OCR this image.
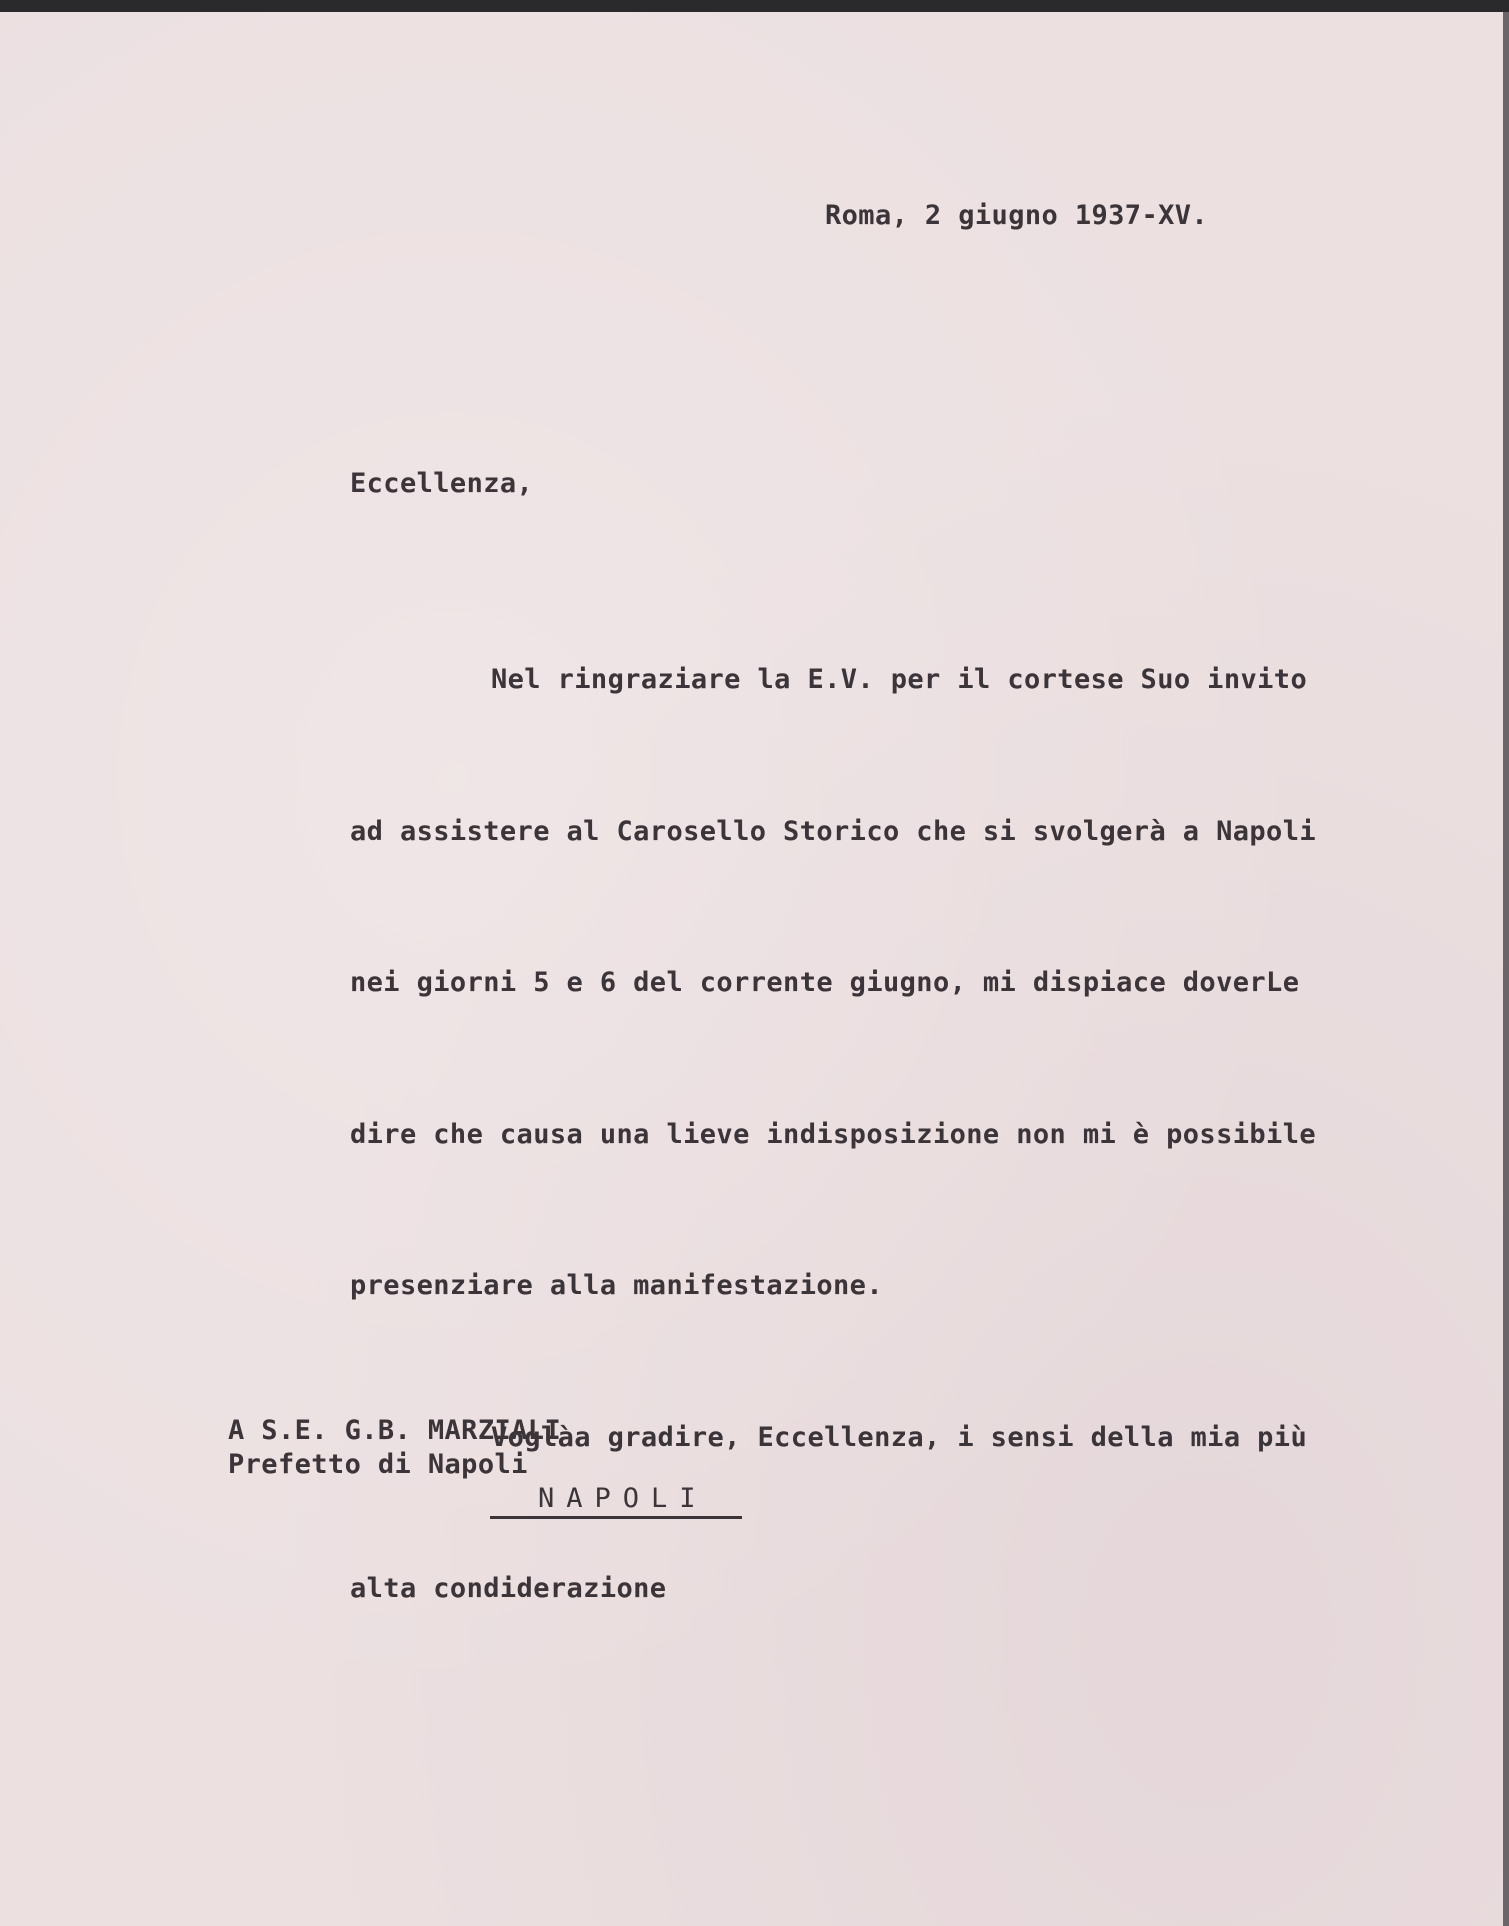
Roma, 2 giugno 1937-XV.
Eccellenza,

Nel ringraziare la E.V. per il cortese Suo invito

ad assistere al Carosello Storico che si svolgerà a Napoli

nei giorni 5 e 6 del corrente giugno, mi dispiace doverLe

dire che causa una lieve indisposizione non mi è possibile

presenziare alla manifestazione.

Voglàa gradire, Eccellenza, i sensi della mia più

alta condiderazione

A S.E. G.B. MARZIALI
Prefetto di Napoli
NAPOLI
